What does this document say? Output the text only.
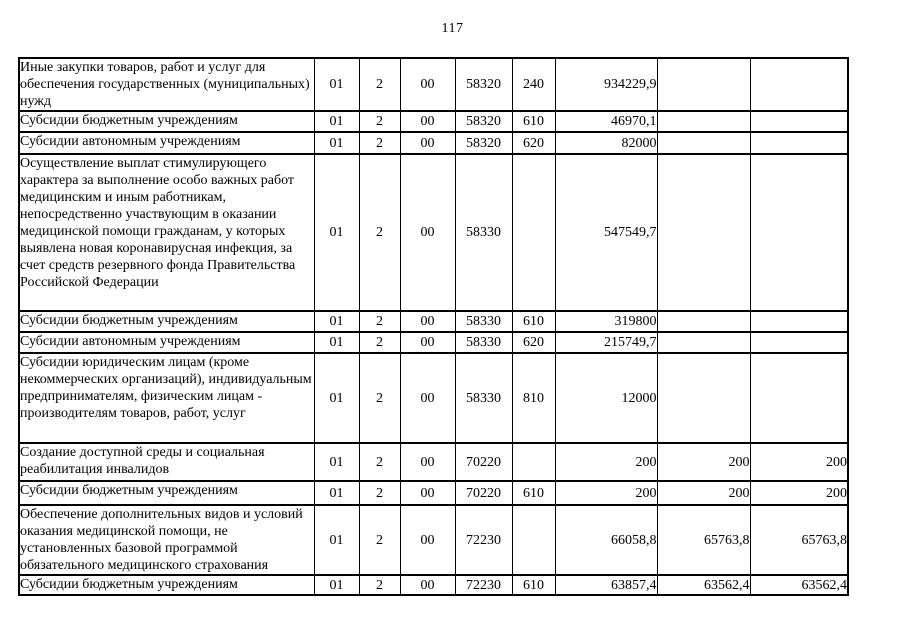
117
Иные закупки товаров, работ и услуг для обеспечения государственных (муниципальных) нужд	01	2	00	58320	240	934229,9		
Субсидии бюджетным учреждениям	01	2	00	58320	610	46970,1		
Субсидии автономным учреждениям	01	2	00	58320	620	82000		
Осуществление выплат стимулирующего характера за выполнение особо важных работ медицинским и иным работникам, непосредственно участвующим в оказании медицинской помощи гражданам, у которых выявлена новая коронавирусная инфекция, за счет средств резервного фонда Правительства Российской Федерации	01	2	00	58330		547549,7		
Субсидии бюджетным учреждениям	01	2	00	58330	610	319800		
Субсидии автономным учреждениям	01	2	00	58330	620	215749,7		
Субсидии юридическим лицам (кроме некоммерческих организаций), индивидуальным предпринимателям, физическим лицам - производителям товаров, работ, услуг	01	2	00	58330	810	12000		
Создание доступной среды и социальная реабилитация инвалидов	01	2	00	70220		200	200	200
Субсидии бюджетным учреждениям	01	2	00	70220	610	200	200	200
Обеспечение дополнительных видов и условий оказания медицинской помощи, не установленных базовой программой обязательного медицинского страхования	01	2	00	72230		66058,8	65763,8	65763,8
Субсидии бюджетным учреждениям	01	2	00	72230	610	63857,4	63562,4	63562,4
